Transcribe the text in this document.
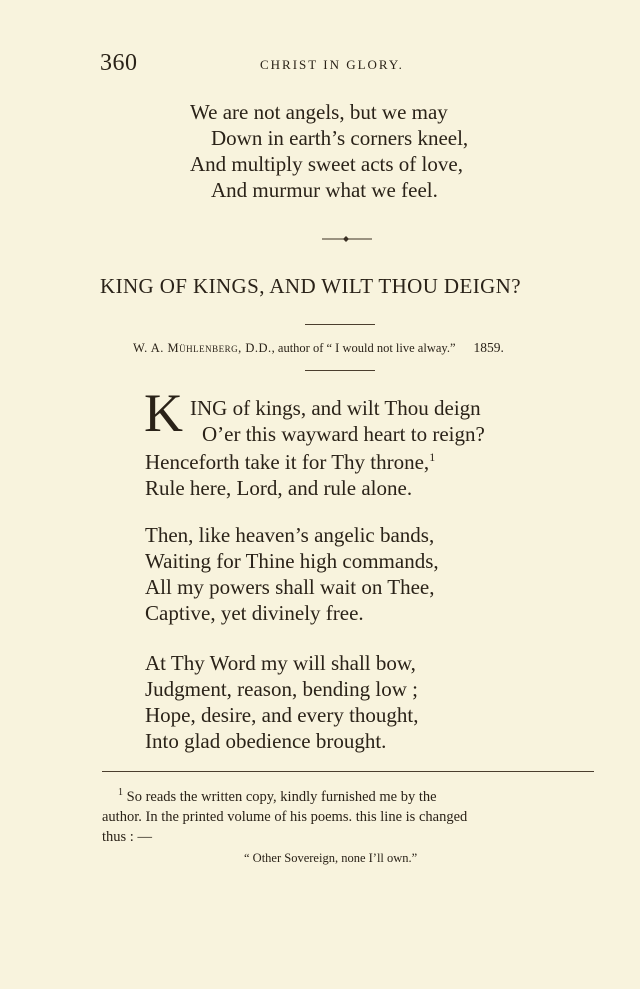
360	CHRIST IN GLORY.
We are not angels, but we may
Down in earth’s corners kneel,
And multiply sweet acts of love,
And murmur what we feel.
KING OF KINGS, AND WILT THOU DEIGN?
W. A. Mühlenberg, D.D., author of “ I would not live alway.” 1859.
K ING of kings, and wilt Thou deign
O’er this wayward heart to reign?
Henceforth take it for Thy throne,$^1$
Rule here, Lord, and rule alone.
Then, like heaven’s angelic bands,
Waiting for Thine high commands,
All my powers shall wait on Thee,
Captive, yet divinely free.
At Thy Word my will shall bow,
Judgment, reason, bending low ;
Hope, desire, and every thought,
Into glad obedience brought.
$^1$ So reads the written copy, kindly furnished me by the
author. In the printed volume of his poems. this line is changed
thus : —
“ Other Sovereign, none I’ll own.”
